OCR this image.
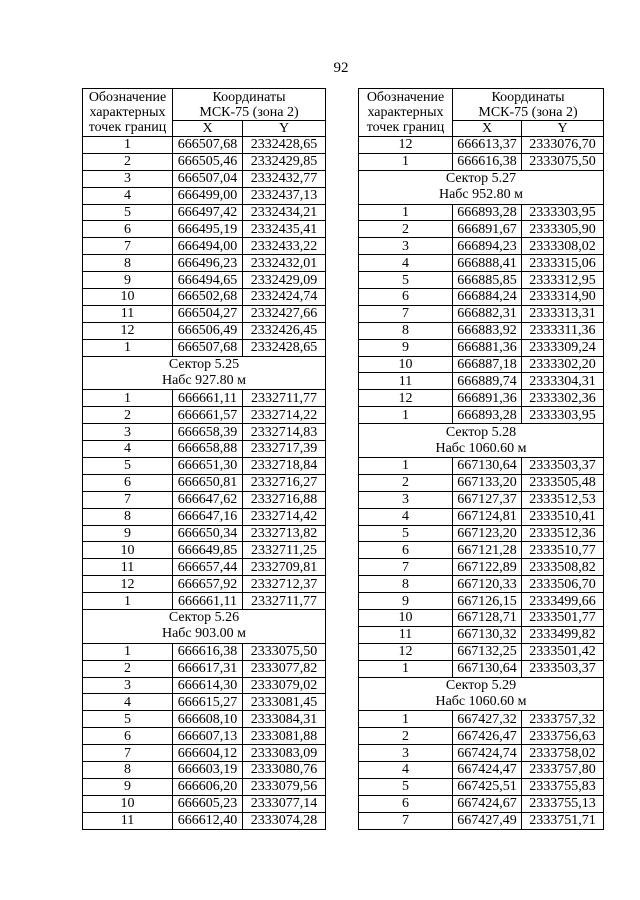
92
Обозначение
характерных
точек границ	Координаты
МСК-75 (зона 2)	
	X	Y
1	666507,68	2332428,65
2	666505,46	2332429,85
3	666507,04	2332432,77
4	666499,00	2332437,13
5	666497,42	2332434,21
6	666495,19	2332435,41
7	666494,00	2332433,22
8	666496,23	2332432,01
9	666494,65	2332429,09
10	666502,68	2332424,74
11	666504,27	2332427,66
12	666506,49	2332426,45
1	666507,68	2332428,65
Сектор 5.25
Набс 927.80 м		
1	666661,11	2332711,77
2	666661,57	2332714,22
3	666658,39	2332714,83
4	666658,88	2332717,39
5	666651,30	2332718,84
6	666650,81	2332716,27
7	666647,62	2332716,88
8	666647,16	2332714,42
9	666650,34	2332713,82
10	666649,85	2332711,25
11	666657,44	2332709,81
12	666657,92	2332712,37
1	666661,11	2332711,77
Сектор 5.26
Набс 903.00 м		
1	666616,38	2333075,50
2	666617,31	2333077,82
3	666614,30	2333079,02
4	666615,27	2333081,45
5	666608,10	2333084,31
6	666607,13	2333081,88
7	666604,12	2333083,09
8	666603,19	2333080,76
9	666606,20	2333079,56
10	666605,23	2333077,14
11	666612,40	2333074,28
Обозначение
характерных
точек границ	Координаты
МСК-75 (зона 2)	
	X	Y
12	666613,37	2333076,70
1	666616,38	2333075,50
Сектор 5.27
Набс 952.80 м		
1	666893,28	2333303,95
2	666891,67	2333305,90
3	666894,23	2333308,02
4	666888,41	2333315,06
5	666885,85	2333312,95
6	666884,24	2333314,90
7	666882,31	2333313,31
8	666883,92	2333311,36
9	666881,36	2333309,24
10	666887,18	2333302,20
11	666889,74	2333304,31
12	666891,36	2333302,36
1	666893,28	2333303,95
Сектор 5.28
Набс 1060.60 м		
1	667130,64	2333503,37
2	667133,20	2333505,48
3	667127,37	2333512,53
4	667124,81	2333510,41
5	667123,20	2333512,36
6	667121,28	2333510,77
7	667122,89	2333508,82
8	667120,33	2333506,70
9	667126,15	2333499,66
10	667128,71	2333501,77
11	667130,32	2333499,82
12	667132,25	2333501,42
1	667130,64	2333503,37
Сектор 5.29
Набс 1060.60 м		
1	667427,32	2333757,32
2	667426,47	2333756,63
3	667424,74	2333758,02
4	667424,47	2333757,80
5	667425,51	2333755,83
6	667424,67	2333755,13
7	667427,49	2333751,71
